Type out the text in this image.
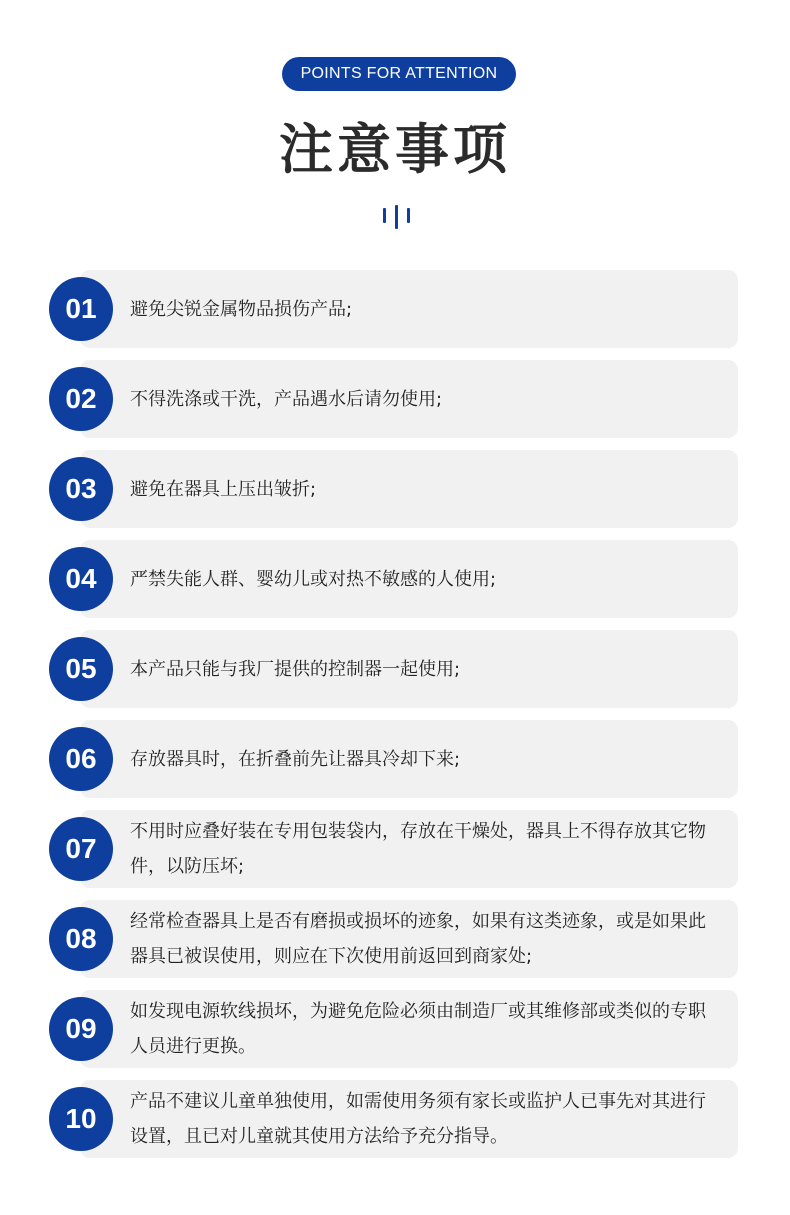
POINTS FOR ATTENTION
注意事项
01	避免尖锐金属物品损伤产品;
02	不得洗涤或干洗，产品遇水后请勿使用;
03	避免在器具上压出皱折;
04	严禁失能人群、婴幼儿或对热不敏感的人使用;
05	本产品只能与我厂提供的控制器一起使用;
06	存放器具时，在折叠前先让器具冷却下来;
07
不用时应叠好装在专用包装袋内，存放在干燥处，器具上不得存放其它物件，以防压坏;
08
经常检查器具上是否有磨损或损坏的迹象，如果有这类迹象，或是如果此器具已被误使用，则应在下次使用前返回到商家处;
09
如发现电源软线损坏，为避免危险必须由制造厂或其维修部或类似的专职人员进行更换。
10
产品不建议儿童单独使用，如需使用务须有家长或监护人已事先对其进行设置，且已对儿童就其使用方法给予充分指导。
